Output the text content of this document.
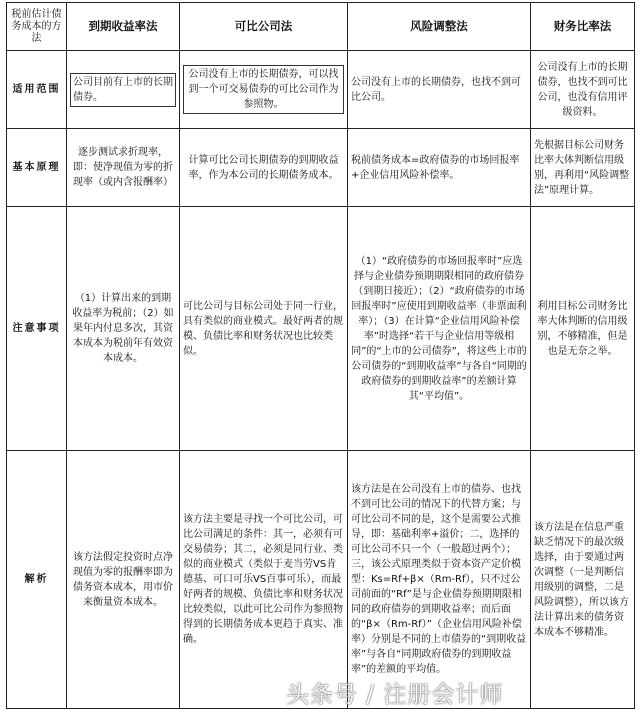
税前估计债务成本的方法	到期收益率法	可比公司法	风险调整法	财务比率法
适用范围	公司目前有上市的长期债券。	公司没有上市的长期债券，可以找到一个可交易债券的可比公司作为参照物。	公司没有上市的长期债券，也找不到可比公司。	公司没有上市的长期债券，也找不到可比公司，也没有信用评级资料。
基本原理	逐步测试求折现率，即：使净现值为零的折现率（或内含报酬率）	计算可比公司长期债券的到期收益率，作为本公司的长期债务成本。	税前债务成本=政府债券的市场回报率+企业信用风险补偿率。	先根据目标公司财务比率大体判断信用级别，再利用“风险调整法”原理计算。
注意事项	（1）计算出来的到期收益率为税前；（2）如果年内付息多次，其资本成本为税前年有效资本成本。	可比公司与目标公司处于同一行业，具有类似的商业模式。最好两者的规模、负债比率和财务状况也比较类似。	（1）“政府债券的市场回报率时”应选择与企业债券预期期限相同的政府债券（到期日接近）；（2）“政府债券的市场回报率时”应使用到期收益率（非票面利率）；（3）在计算“企业信用风险补偿率”时选择“若干与企业信用等级相同”的“上市的公司债券”，将这些上市的公司债券的“到期收益率”与各自“同期的政府债券的到期收益率”的差额计算其“平均值”。	利用目标公司财务比率大体判断的信用级别，不够精准，但是也是无奈之举。
解析	该方法假定投资时点净现值为零的报酬率即为债务资本成本，用市价来衡量资本成本。	该方法主要是寻找一个可比公司，可比公司满足的条件：其一，必须有可交易债券；其二，必须是同行业、类似的商业模式（类似于麦当劳VS肯德基、可口可乐VS百事可乐），而最好两者的规模、负债比率和财务状况比较类似，以此可比公司作为参照物得到的长期债务成本更趋于真实、准确。	该方法是在公司没有上市的债券、也找不到可比公司的情况下的代替方案；与可比公司不同的是，这个是需要公式推导，即：基础利率+溢价；二，选择的可比公司不只一个（一般超过两个）；三，该公式原理类似于资本资产定价模型：Ks=Rf+β×（Rm-Rf），只不过公司前面的“Rf”是与企业债券预期期限相同的政府债券的到期收益率；而后面的“β×（Rm-Rf）”（企业信用风险补偿率）分别是不同的上市债券的“到期收益率”与各自“同期政府债券的到期收益率”的差额的平均值。	该方法是在信息严重缺乏情况下的最次级选择，由于要通过两次调整（一是判断信用级别的调整，二是风险调整），所以该方法计算出来的债务资本成本不够精准。
头条号 / 注册会计师
